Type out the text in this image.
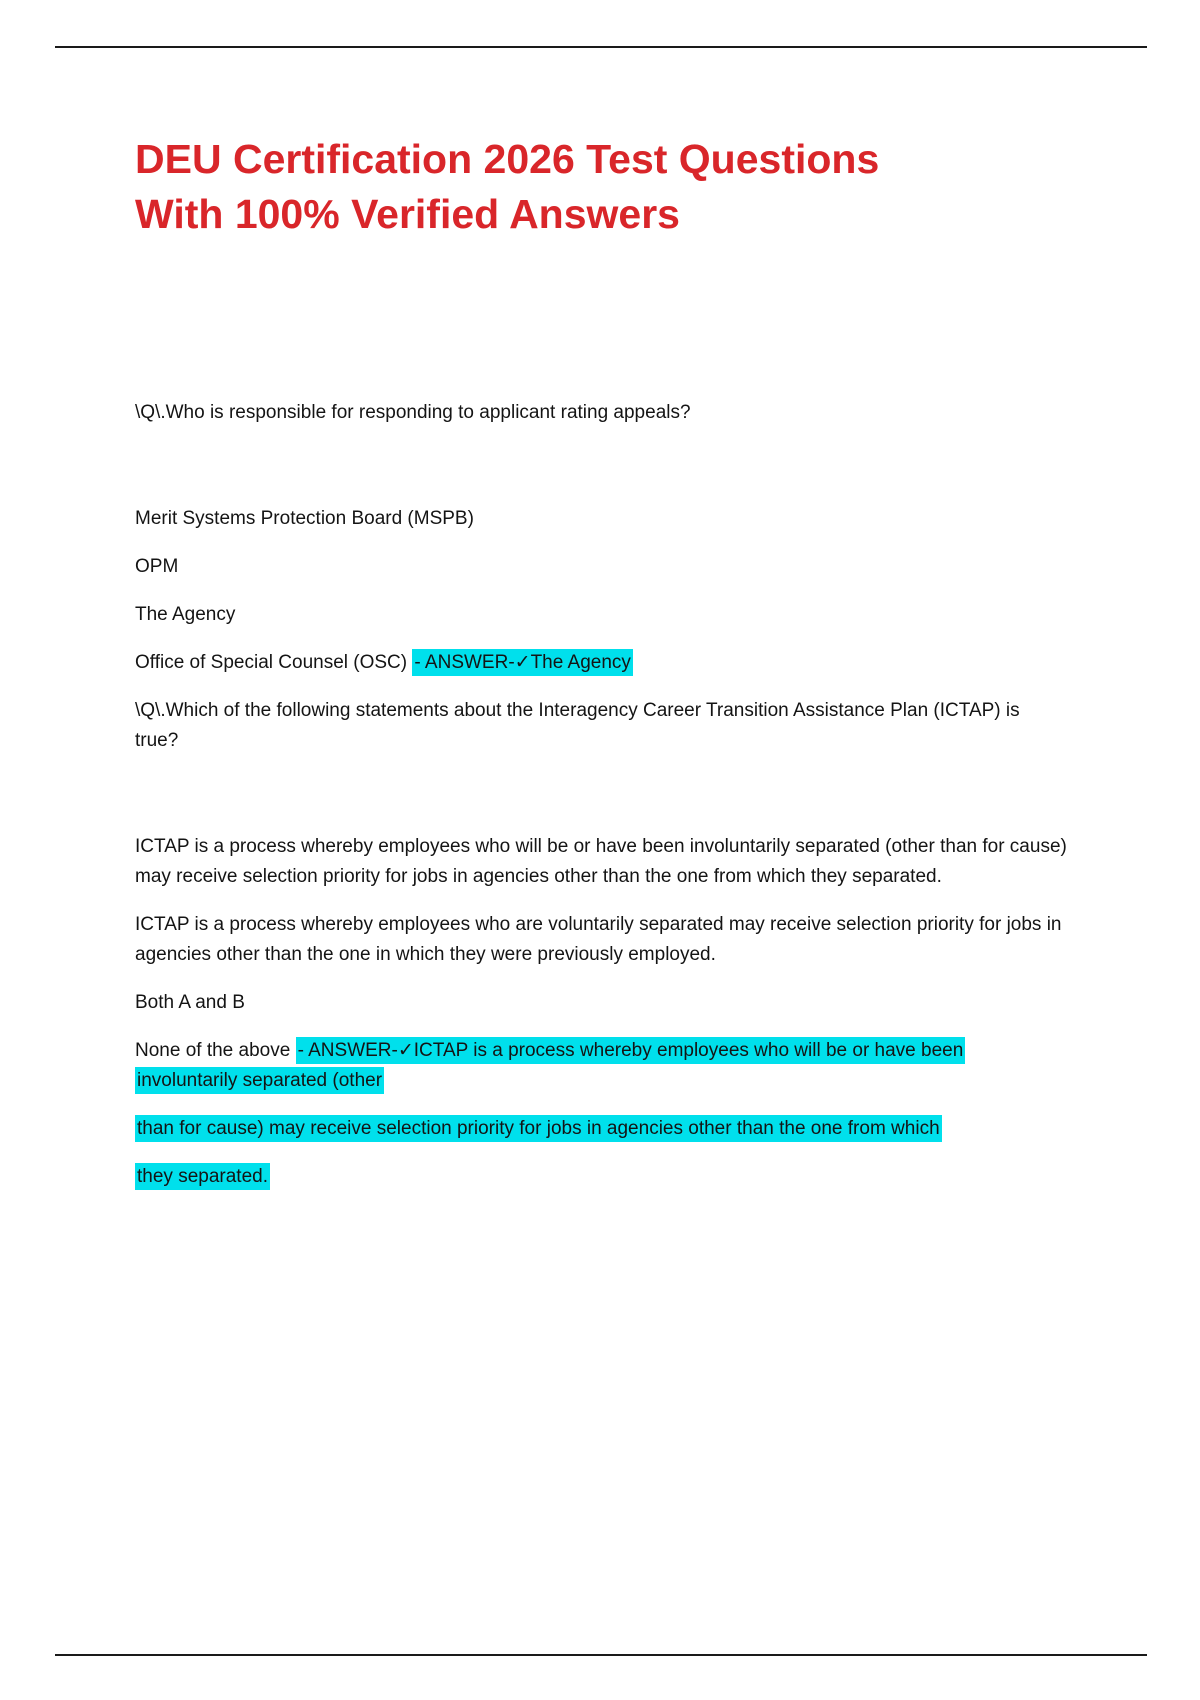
DEU Certification 2026 Test Questions
With 100% Verified Answers

\Q\.Who is responsible for responding to applicant rating appeals?

Merit Systems Protection Board (MSPB)

OPM

The Agency

Office of Special Counsel (OSC) - ANSWER-✓The Agency

\Q\.Which of the following statements about the Interagency Career Transition Assistance Plan (ICTAP) is true?

ICTAP is a process whereby employees who will be or have been involuntarily separated (other than for cause) may receive selection priority for jobs in agencies other than the one from which they separated.

ICTAP is a process whereby employees who are voluntarily separated may receive selection priority for jobs in agencies other than the one in which they were previously employed.

Both A and B

None of the above - ANSWER-✓ICTAP is a process whereby employees who will be or have been involuntarily separated (other

than for cause) may receive selection priority for jobs in agencies other than the one from which

they separated.
